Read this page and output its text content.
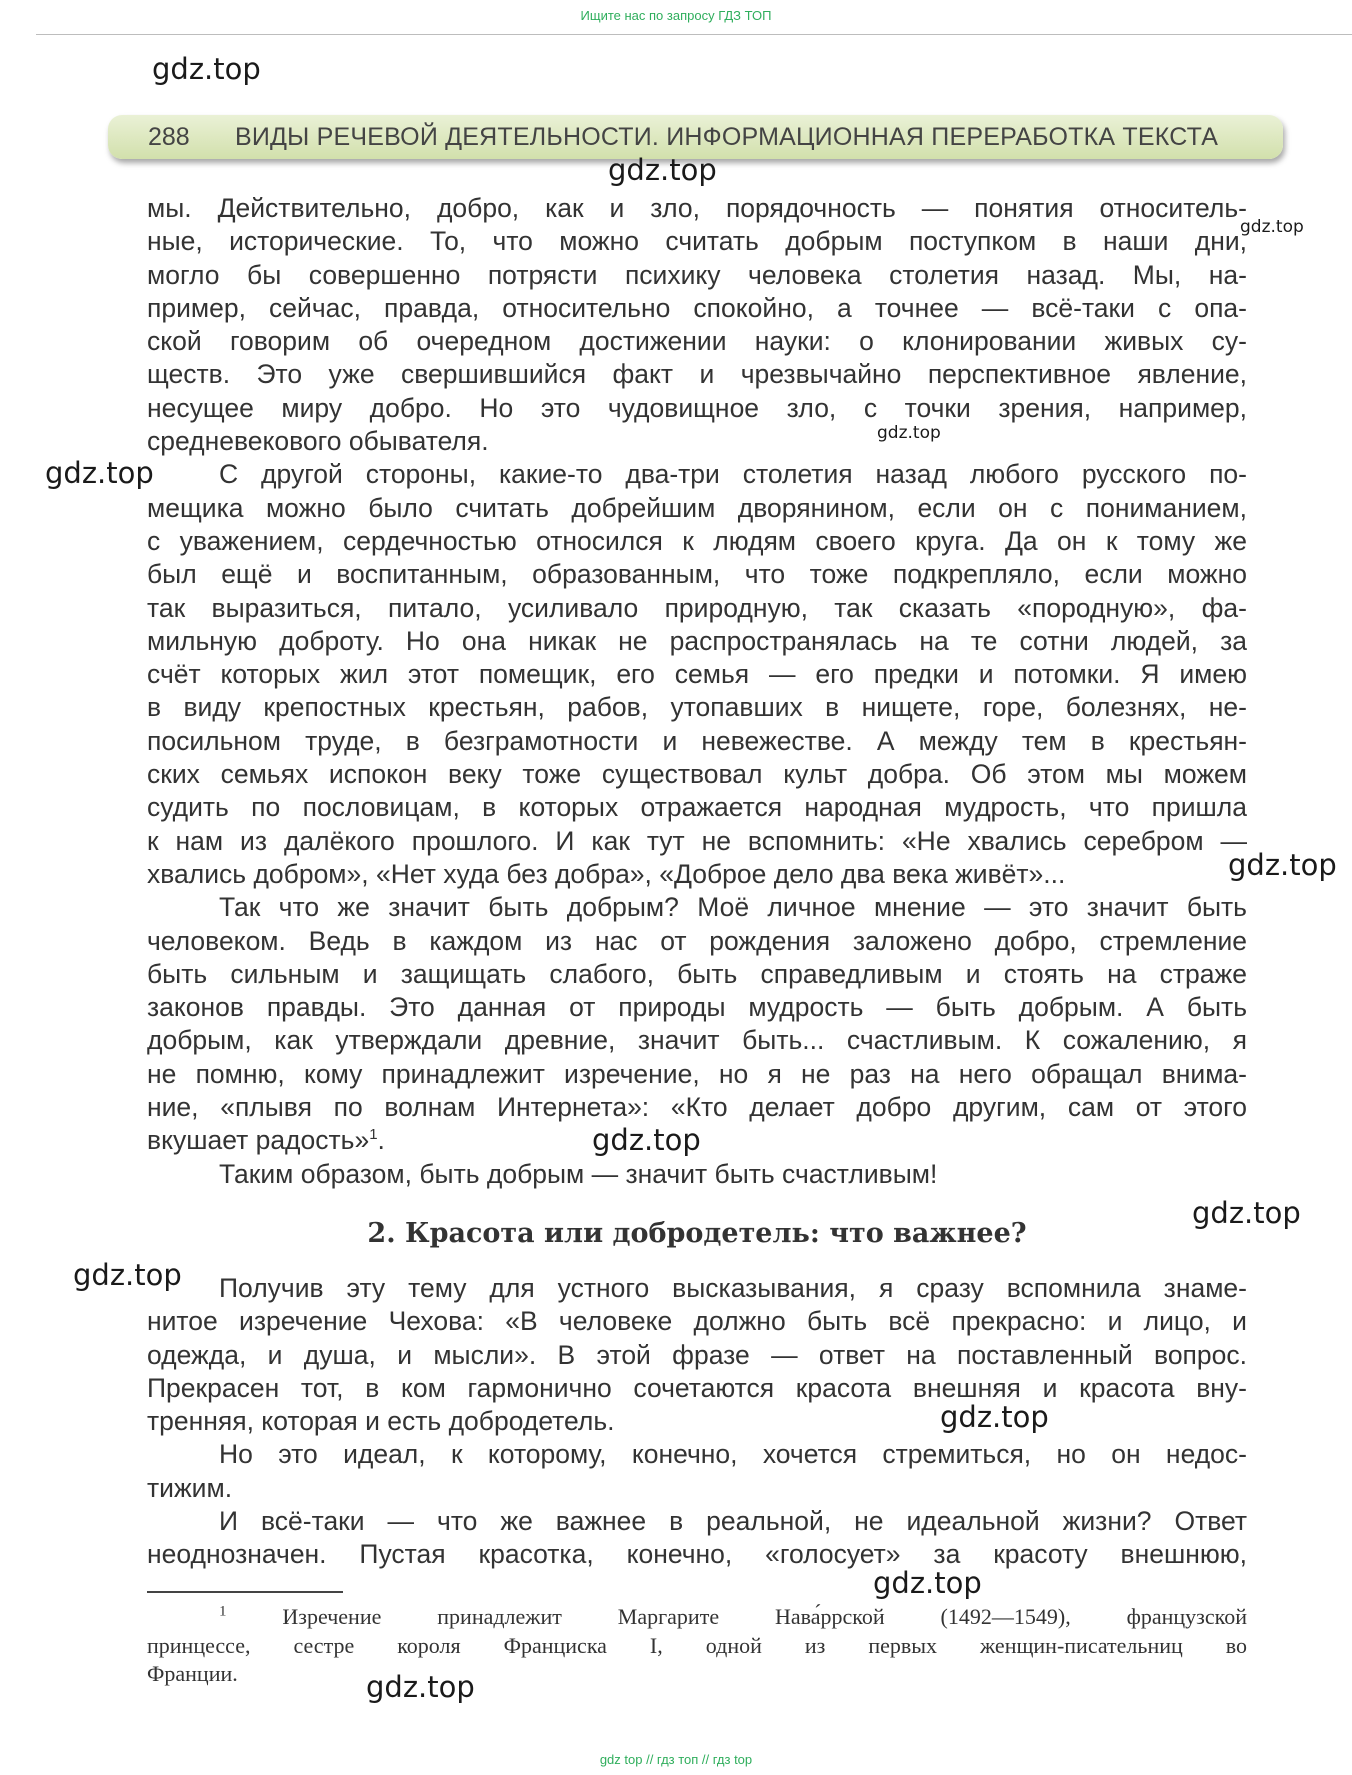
Ищите нас по запросу ГДЗ ТОП
288 ВИДЫ РЕЧЕВОЙ ДЕЯТЕЛЬНОСТИ. ИНФОРМАЦИОННАЯ ПЕРЕРАБОТКА ТЕКСТА
мы. Действительно, добро, как и зло, порядочность — понятия относитель-
ные, исторические. То, что можно считать добрым поступком в наши дни,
могло бы совершенно потрясти психику человека столетия назад. Мы, на-
пример, сейчас, правда, относительно спокойно, а точнее — всё-таки с опа-
ской говорим об очередном достижении науки: о клонировании живых су-
ществ. Это уже свершившийся факт и чрезвычайно перспективное явление,
несущее миру добро. Но это чудовищное зло, с точки зрения, например,
средневекового обывателя.
С другой стороны, какие-то два-три столетия назад любого русского по-
мещика можно было считать добрейшим дворянином, если он с пониманием,
с уважением, сердечностью относился к людям своего круга. Да он к тому же
был ещё и воспитанным, образованным, что тоже подкрепляло, если можно
так выразиться, питало, усиливало природную, так сказать «породную», фа-
мильную доброту. Но она никак не распространялась на те сотни людей, за
счёт которых жил этот помещик, его семья — его предки и потомки. Я имею
в виду крепостных крестьян, рабов, утопавших в нищете, горе, болезнях, не-
посильном труде, в безграмотности и невежестве. А между тем в крестьян-
ских семьях испокон веку тоже существовал культ добра. Об этом мы можем
судить по пословицам, в которых отражается народная мудрость, что пришла
к нам из далёкого прошлого. И как тут не вспомнить: «Не хвались серебром —
хвались добром», «Нет худа без добра», «Доброе дело два века живёт»...
Так что же значит быть добрым? Моё личное мнение — это значит быть
человеком. Ведь в каждом из нас от рождения заложено добро, стремление
быть сильным и защищать слабого, быть справедливым и стоять на страже
законов правды. Это данная от природы мудрость — быть добрым. А быть
добрым, как утверждали древние, значит быть... счастливым. К сожалению, я
не помню, кому принадлежит изречение, но я не раз на него обращал внима-
ние, «плывя по волнам Интернета»: «Кто делает добро другим, сам от этого
вкушает радость»$^1$.
Таким образом, быть добрым — значит быть счастливым!
2. Красота или добродетель: что важнее?
Получив эту тему для устного высказывания, я сразу вспомнила знаме-
нитое изречение Чехова: «В человеке должно быть всё прекрасно: и лицо, и
одежда, и душа, и мысли». В этой фразе — ответ на поставленный вопрос.
Прекрасен тот, в ком гармонично сочетаются красота внешняя и красота вну-
тренняя, которая и есть добродетель.
Но это идеал, к которому, конечно, хочется стремиться, но он недос-
тижим.
И всё-таки — что же важнее в реальной, не идеальной жизни? Ответ
неоднозначен. Пустая красотка, конечно, «голосует» за красоту внешнюю,
$^1$	Изречение принадлежит Маргарите Нава́ррской (1492—1549), французской
принцессе, сестре короля Франциска I, одной из первых женщин-писательниц во
Франции.
gdz.top
gdz.top
gdz.top
gdz.top
gdz.top
gdz.top
gdz.top
gdz.top
gdz.top
gdz.top
gdz.top
gdz.top
gdz top // гдз топ // гдз top
